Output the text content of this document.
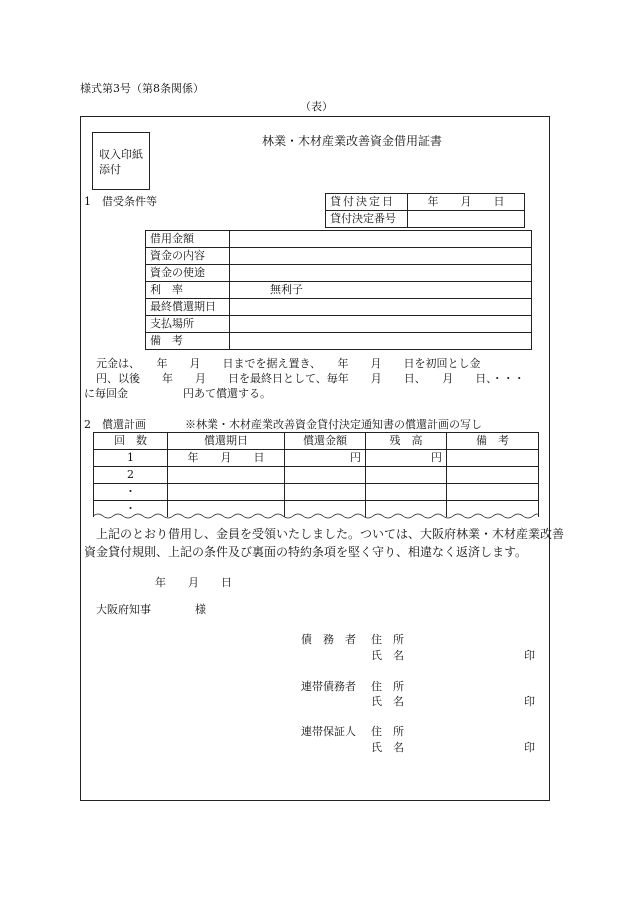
様式第3号（第8条関係）
（表）
収入印紙
添付
林業・木材産業改善資金借用証書
1　借受条件等	貸付決定日	年　　月　　日
貸付決定番号	
借用金額	
資金の内容	
資金の使途	
利　率	無利子
最終償還期日	
支払場所	
備　考	
元金は、　　年　　月　　日までを据え置き、　　年　　月　　日を初回とし金
円、以後　　年　　月　　日を最終日として、毎年　　月　　日、　　月　　日、・・・
に毎回金　　　　　円あて償還する。
2　償還計画	※林業・木材産業改善資金貸付決定通知書の償還計画の写し
回　数	償還期日	償還金額	残　高	備　考
1	年　　月　　日	円	円	
2				
・				
・				
上記のとおり借用し、金員を受領いたしました。ついては、大阪府林業・木材産業改善
資金貸付規則、上記の条件及び裏面の特約条項を堅く守り、相違なく返済します。
年　　月　　日
大阪府知事　　　　様
債　務　者 住　所
氏　名	印
連帯債務者 住　所
氏　名	印
連帯保証人 住　所
氏　名	印
